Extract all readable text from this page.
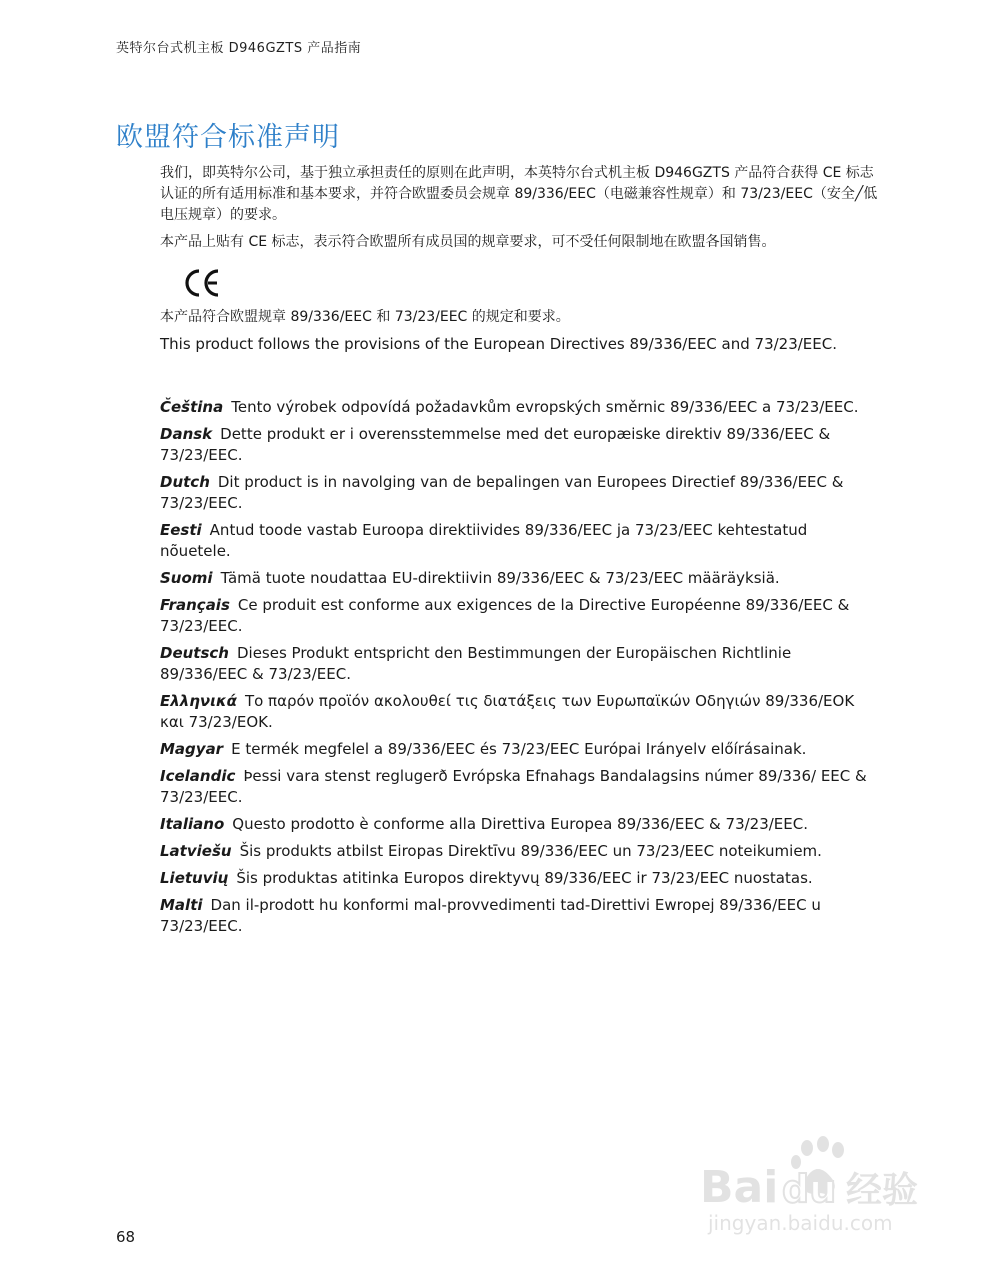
英特尔台式机主板 D946GZTS 产品指南
欧盟符合标准声明

我们，即英特尔公司，基于独立承担责任的原则在此声明，本英特尔台式机主板 D946GZTS 产品符合获得 CE 标志认证的所有适用标准和基本要求，并符合欧盟委员会规章 89/336/EEC（电磁兼容性规章）和 73/23/EEC（安全╱低电压规章）的要求。

本产品上贴有 CE 标志，表示符合欧盟所有成员国的规章要求，可不受任何限制地在欧盟各国销售。

本产品符合欧盟规章 89/336/EEC 和 73/23/EEC 的规定和要求。

This product follows the provisions of the European Directives 89/336/EEC and 73/23/EEC.

Čeština Tento výrobek odpovídá požadavkům evropských směrnic 89/336/EEC a 73/23/EEC.

Dansk Dette produkt er i overensstemmelse med det europæiske direktiv 89/336/EEC & 73/23/EEC.

Dutch Dit product is in navolging van de bepalingen van Europees Directief 89/336/EEC & 73/23/EEC.

Eesti Antud toode vastab Euroopa direktiivides 89/336/EEC ja 73/23/EEC kehtestatud nõuetele.

Suomi Tämä tuote noudattaa EU-direktiivin 89/336/EEC & 73/23/EEC määräyksiä.

Français Ce produit est conforme aux exigences de la Directive Européenne 89/336/EEC & 73/23/EEC.

Deutsch Dieses Produkt entspricht den Bestimmungen der Europäischen Richtlinie 89/336/EEC & 73/23/EEC.

Ελληνικά Το παρόν προϊόν ακολουθεί τις διατάξεις των Ευρωπαϊκών Οδηγιών 89/336/ΕΟΚ και 73/23/ΕΟΚ.

Magyar E termék megfelel a 89/336/EEC és 73/23/EEC Európai Irányelv előírásainak.

Icelandic Þessi vara stenst reglugerð Evrópska Efnahags Bandalagsins númer 89/336/ EEC & 73/23/EEC.

Italiano Questo prodotto è conforme alla Direttiva Europea 89/336/EEC & 73/23/EEC.

Latviešu Šis produkts atbilst Eiropas Direktīvu 89/336/EEC un 73/23/EEC noteikumiem.

Lietuvių Šis produktas atitinka Europos direktyvų 89/336/EEC ir 73/23/EEC nuostatas.

Malti Dan il-prodott hu konformi mal-provvedimenti tad-Direttivi Ewropej 89/336/EEC u 73/23/EEC.

68
Bai du 经验
jingyan.baidu.com
